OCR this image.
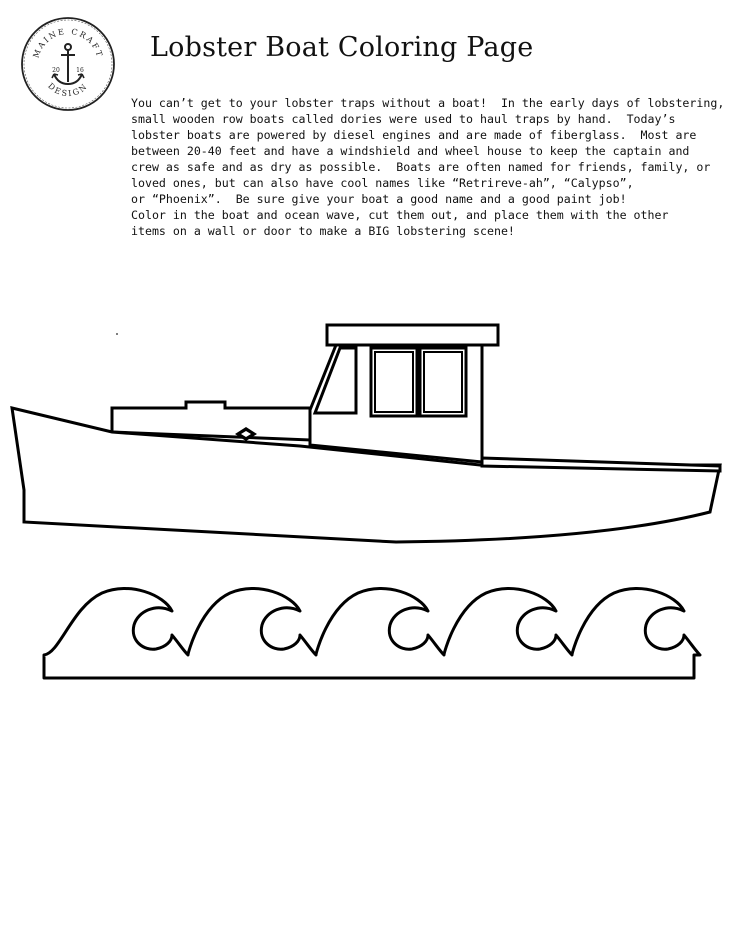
MAINE CRAFT
DESIGN
20	16
Lobster Boat Coloring Page
You can’t get to your lobster traps without a boat!  In the early days of lobstering,
small wooden row boats called dories were used to haul traps by hand.  Today’s
lobster boats are powered by diesel engines and are made of fiberglass.  Most are
between 20-40 feet and have a windshield and wheel house to keep the captain and
crew as safe and as dry as possible.  Boats are often named for friends, family, or
loved ones, but can also have cool names like “Retrireve-ah”, “Calypso”,
or “Phoenix”.  Be sure give your boat a good name and a good paint job!
Color in the boat and ocean wave, cut them out, and place them with the other
items on a wall or door to make a BIG lobstering scene!
